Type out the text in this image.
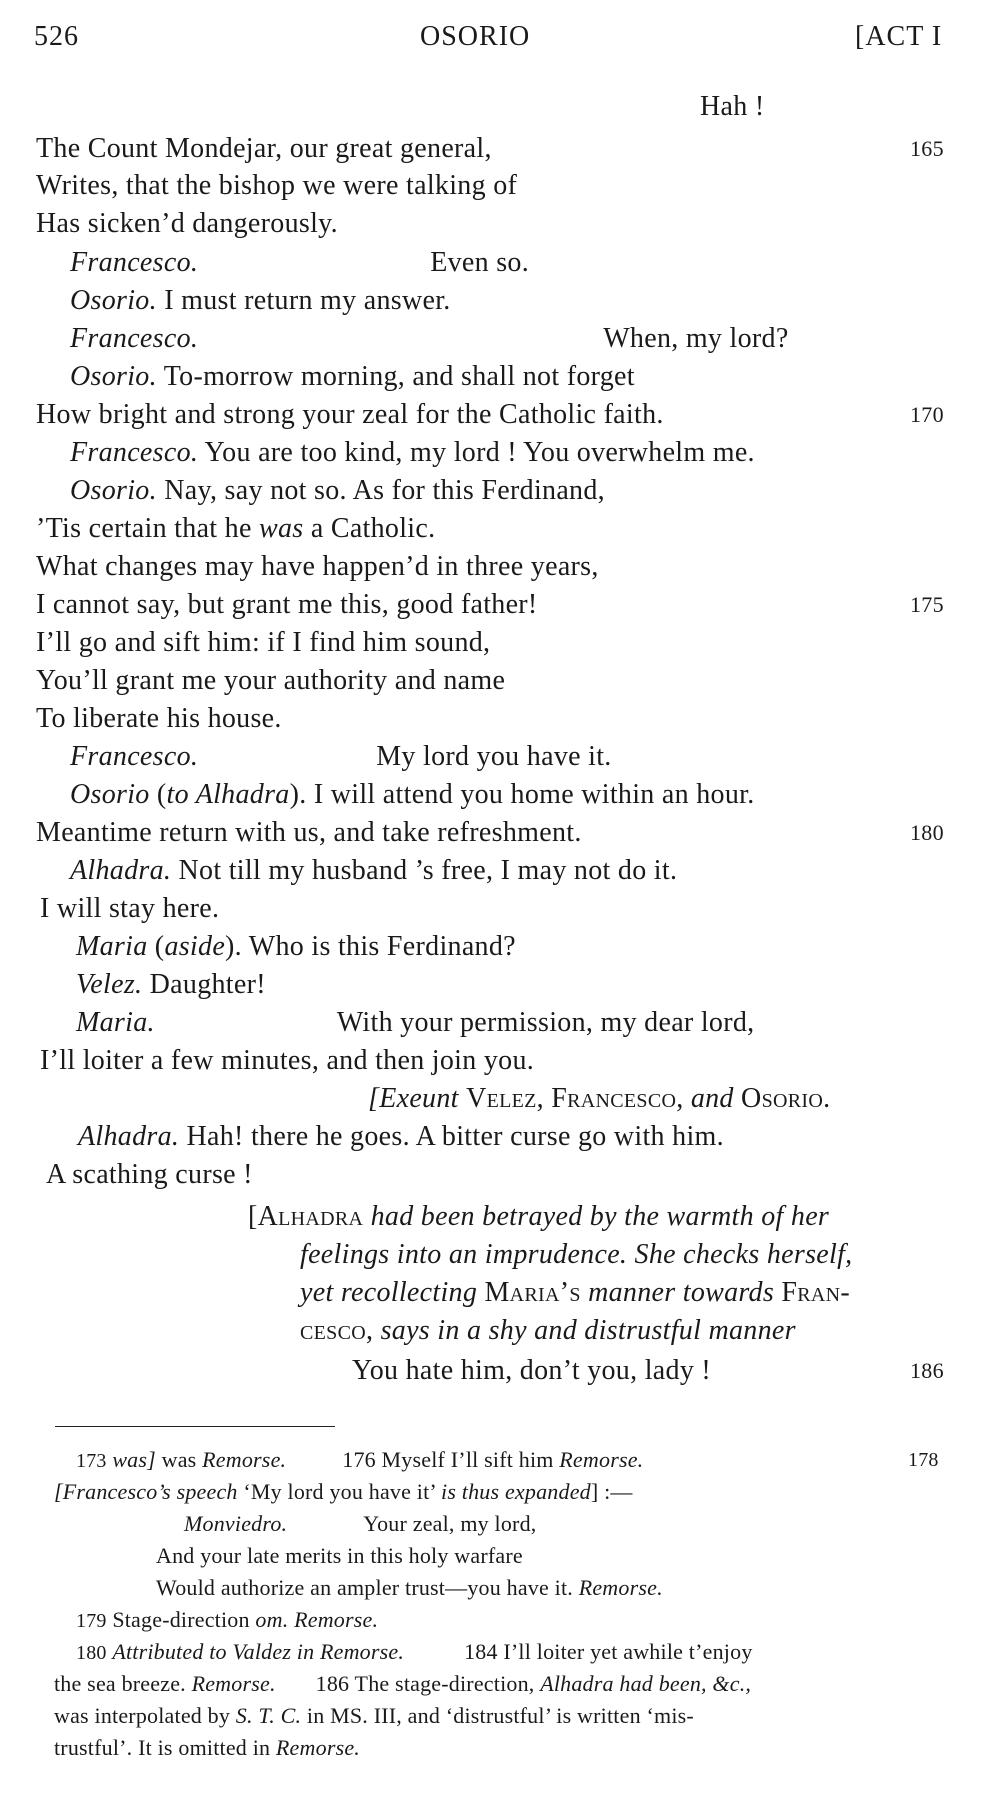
526	OSORIO	[ACT I
Hah !
The Count Mondejar, our great general,	165
Writes, that the bishop we were talking of
Has sicken’d dangerously.
Francesco.	Even so.
Osorio. I must return my answer.
Francesco.	When, my lord?
Osorio. To-morrow morning, and shall not forget
How bright and strong your zeal for the Catholic faith.	170
Francesco. You are too kind, my lord ! You overwhelm me.
Osorio. Nay, say not so. As for this Ferdinand,
’Tis certain that he was a Catholic.
What changes may have happen’d in three years,
I cannot say, but grant me this, good father!	175
I’ll go and sift him: if I find him sound,
You’ll grant me your authority and name
To liberate his house.
Francesco.	My lord you have it.
Osorio (to Alhadra). I will attend you home within an hour.
Meantime return with us, and take refreshment.	180
Alhadra. Not till my husband ’s free, I may not do it.
I will stay here.
Maria (aside). Who is this Ferdinand?
Velez. Daughter!
Maria.	With your permission, my dear lord,
I’ll loiter a few minutes, and then join you.
[Exeunt Velez, Francesco, and Osorio.
Alhadra. Hah! there he goes. A bitter curse go with him.
A scathing curse !
[Alhadra had been betrayed by the warmth of her
feelings into an imprudence. She checks herself,
yet recollecting Maria’s manner towards Fran-
cesco, says in a shy and distrustful manner
You hate him, don’t you, lady !	186
173 was] was Remorse.	176 Myself I’ll sift him Remorse.	178
[Francesco’s speech ‘My lord you have it’ is thus expanded] :—
Monviedro.	Your zeal, my lord,
And your late merits in this holy warfare
Would authorize an ampler trust—you have it. Remorse.
179 Stage-direction om. Remorse.
180 Attributed to Valdez in Remorse.	184 I’ll loiter yet awhile t’enjoy
the sea breeze. Remorse. 186 The stage-direction, Alhadra had been, &c.,
was interpolated by S. T. C. in MS. III, and ‘distrustful’ is written ‘mis-
trustful’. It is omitted in Remorse.
